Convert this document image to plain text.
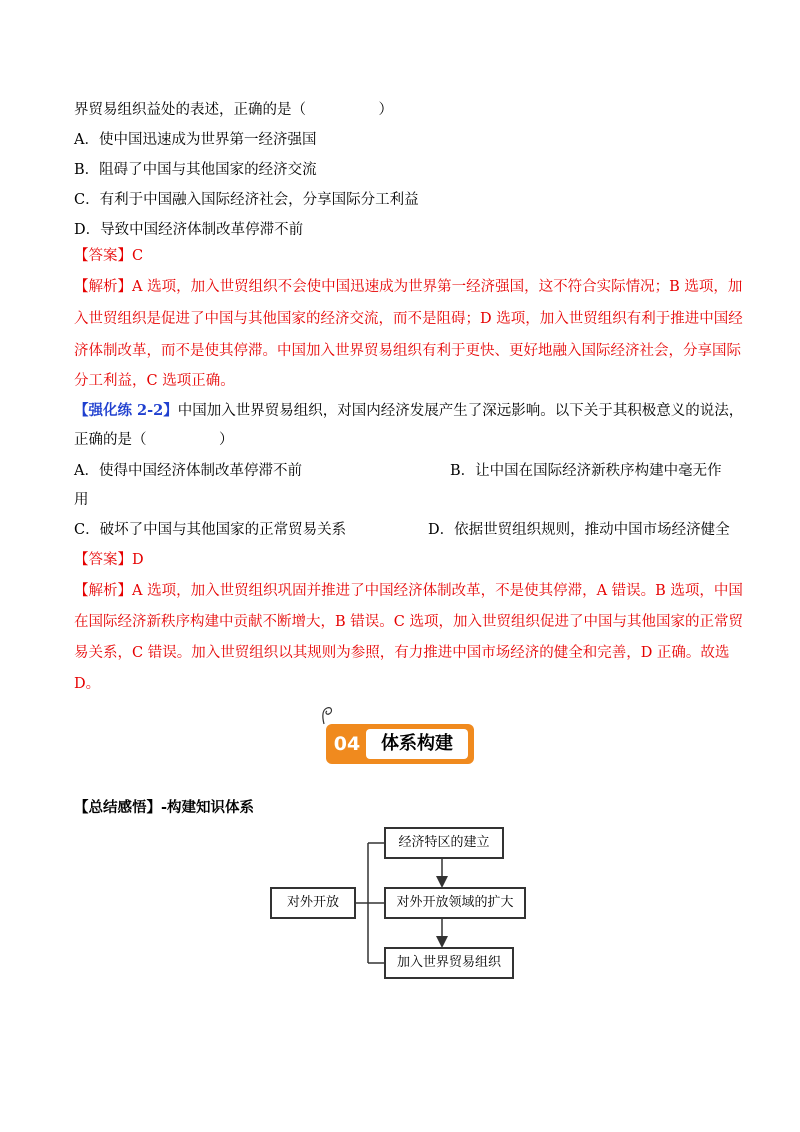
界贸易组织益处的表述，正确的是（　　　　　）
A．使中国迅速成为世界第一经济强国
B．阻碍了中国与其他国家的经济交流
C．有利于中国融入国际经济社会，分享国际分工利益
D．导致中国经济体制改革停滞不前
【答案】C
【解析】A 选项，加入世贸组织不会使中国迅速成为世界第一经济强国，这不符合实际情况；B 选项，加
入世贸组织是促进了中国与其他国家的经济交流，而不是阻碍；D 选项，加入世贸组织有利于推进中国经
济体制改革，而不是使其停滞。中国加入世界贸易组织有利于更快、更好地融入国际经济社会，分享国际
分工利益，C 选项正确。
【强化练 2-2】中国加入世界贸易组织，对国内经济发展产生了深远影响。以下关于其积极意义的说法，
正确的是（　　　　　）
A．使得中国经济体制改革停滞不前	B．让中国在国际经济新秩序构建中毫无作
用
C．破坏了中国与其他国家的正常贸易关系	D．依据世贸组织规则，推动中国市场经济健全
【答案】D
【解析】A 选项，加入世贸组织巩固并推进了中国经济体制改革，不是使其停滞，A 错误。B 选项，中国
在国际经济新秩序构建中贡献不断增大，B 错误。C 选项，加入世贸组织促进了中国与其他国家的正常贸
易关系，C 错误。加入世贸组织以其规则为参照，有力推进中国市场经济的健全和完善，D 正确。故选
D。
04	体系构建
【总结感悟】-构建知识体系
对外开放
经济特区的建立
对外开放领域的扩大
加入世界贸易组织
